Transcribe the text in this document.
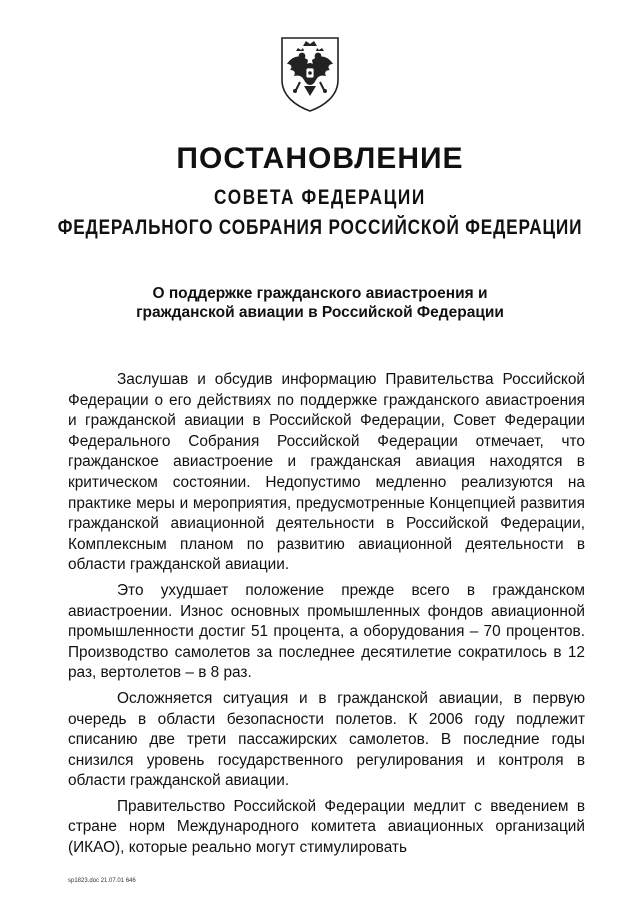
ПОСТАНОВЛЕНИЕ
СОВЕТА ФЕДЕРАЦИИ
ФЕДЕРАЛЬНОГО СОБРАНИЯ РОССИЙСКОЙ ФЕДЕРАЦИИ
О поддержке гражданского авиастроения и
гражданской авиации в Российской Федерации

Заслушав и обсудив информацию Правительства Российской Федерации о его действиях по поддержке гражданского авиастроения и гражданской авиации в Российской Федерации, Совет Федерации Федерального Собрания Российской Федерации отмечает, что гражданское авиастроение и гражданская авиация находятся в критическом состоянии. Недопустимо медленно реализуются на практике меры и мероприятия, предусмотренные Концепцией развития гражданской авиационной деятельности в Российской Федерации, Комплексным планом по развитию авиационной деятельности в области гражданской авиации.

Это ухудшает положение прежде всего в гражданском авиастроении. Износ основных промышленных фондов авиационной промышленности достиг 51 процента, а оборудования – 70 процентов. Производство самолетов за последнее десятилетие сократилось в 12 раз, вертолетов – в 8 раз.

Осложняется ситуация и в гражданской авиации, в первую очередь в области безопасности полетов. К 2006 году подлежит списанию две трети пассажирских самолетов. В последние годы снизился уровень государственного регулирования и контроля в области гражданской авиации.

Правительство Российской Федерации медлит с введением в стране норм Международного комитета авиационных организаций (ИКАО), которые реально могут стимулировать

sp1823.doc 21.07.01 646
